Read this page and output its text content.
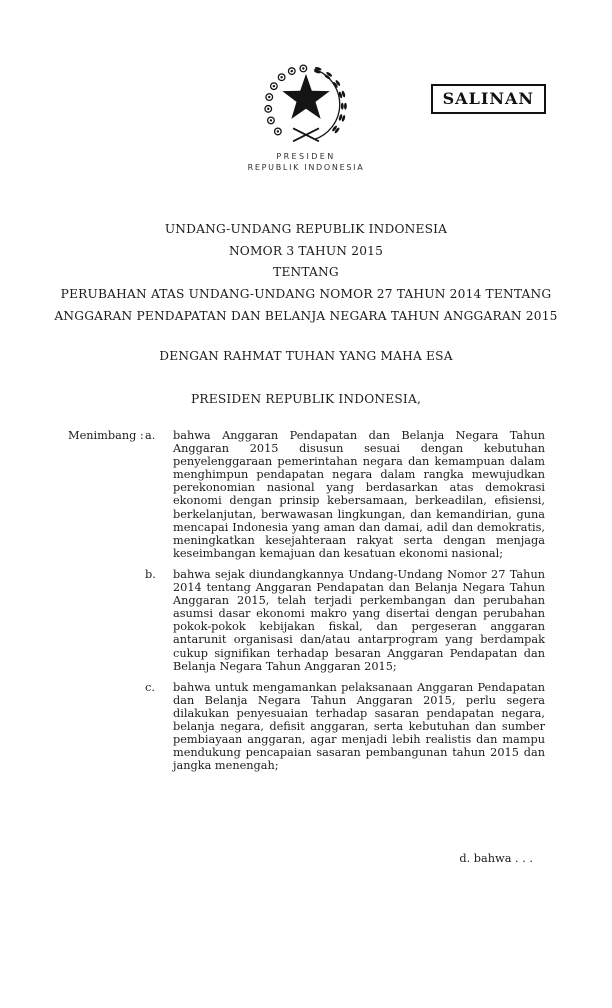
SALINAN
PRESIDEN
REPUBLIK INDONESIA
UNDANG-UNDANG REPUBLIK INDONESIA
NOMOR 3 TAHUN 2015
TENTANG
PERUBAHAN ATAS UNDANG-UNDANG NOMOR 27 TAHUN 2014 TENTANG
ANGGARAN PENDAPATAN DAN BELANJA NEGARA TAHUN ANGGARAN 2015
DENGAN RAHMAT TUHAN YANG MAHA ESA
PRESIDEN REPUBLIK INDONESIA,
Menimbang : a.	bahwa Anggaran Pendapatan dan Belanja Negara Tahun Anggaran 2015 disusun sesuai dengan kebutuhan penyelenggaraan pemerintahan negara dan kemampuan dalam menghimpun pendapatan negara dalam rangka mewujudkan perekonomian nasional yang berdasarkan atas demokrasi ekonomi dengan prinsip kebersamaan, berkeadilan, efisiensi, berkelanjutan, berwawasan lingkungan, dan kemandirian, guna mencapai Indonesia yang aman dan damai, adil dan demokratis, meningkatkan kesejahteraan rakyat serta dengan menjaga keseimbangan kemajuan dan kesatuan ekonomi nasional;
b.	bahwa sejak diundangkannya Undang-Undang Nomor 27 Tahun 2014 tentang Anggaran Pendapatan dan Belanja Negara Tahun Anggaran 2015, telah terjadi perkembangan dan perubahan asumsi dasar ekonomi makro yang disertai dengan perubahan pokok-pokok kebijakan fiskal, dan pergeseran anggaran antarunit organisasi dan/atau antarprogram yang berdampak cukup signifikan terhadap besaran Anggaran Pendapatan dan Belanja Negara Tahun Anggaran 2015;
c.	bahwa untuk mengamankan pelaksanaan Anggaran Pendapatan dan Belanja Negara Tahun Anggaran 2015, perlu segera dilakukan penyesuaian terhadap sasaran pendapatan negara, belanja negara, defisit anggaran, serta kebutuhan dan sumber pembiayaan anggaran, agar menjadi lebih realistis dan mampu mendukung pencapaian sasaran pembangunan tahun 2015 dan jangka menengah;
d. bahwa . . .
